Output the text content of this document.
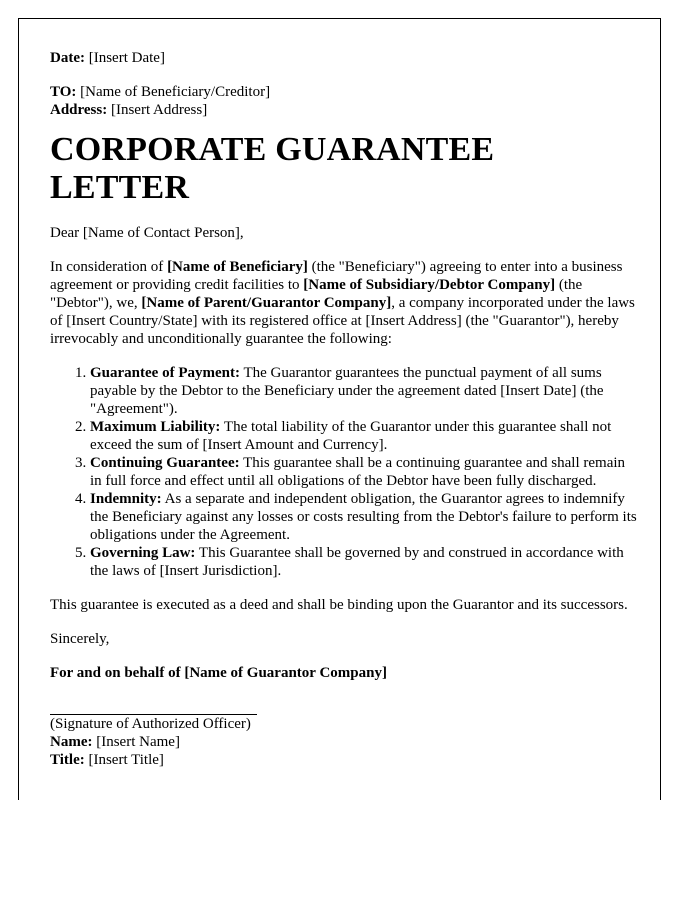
Date: [Insert Date]

TO: [Name of Beneficiary/Creditor]

Address: [Insert Address]

CORPORATE GUARANTEE LETTER

Dear [Name of Contact Person],

In consideration of [Name of Beneficiary] (the "Beneficiary") agreeing to enter into a business agreement or providing credit facilities to [Name of Subsidiary/Debtor Company] (the "Debtor"), we, [Name of Parent/Guarantor Company], a company incorporated under the laws of [Insert Country/State] with its registered office at [Insert Address] (the "Guarantor"), hereby irrevocably and unconditionally guarantee the following:

1. Guarantee of Payment: The Guarantor guarantees the punctual payment of all sums payable by the Debtor to the Beneficiary under the agreement dated [Insert Date] (the "Agreement").
2. Maximum Liability: The total liability of the Guarantor under this guarantee shall not exceed the sum of [Insert Amount and Currency].
3. Continuing Guarantee: This guarantee shall be a continuing guarantee and shall remain in full force and effect until all obligations of the Debtor have been fully discharged.
4. Indemnity: As a separate and independent obligation, the Guarantor agrees to indemnify the Beneficiary against any losses or costs resulting from the Debtor's failure to perform its obligations under the Agreement.
5. Governing Law: This Guarantee shall be governed by and construed in accordance with the laws of [Insert Jurisdiction].

This guarantee is executed as a deed and shall be binding upon the Guarantor and its successors.

Sincerely,

For and on behalf of [Name of Guarantor Company]

(Signature of Authorized Officer)

Name: [Insert Name]

Title: [Insert Title]
